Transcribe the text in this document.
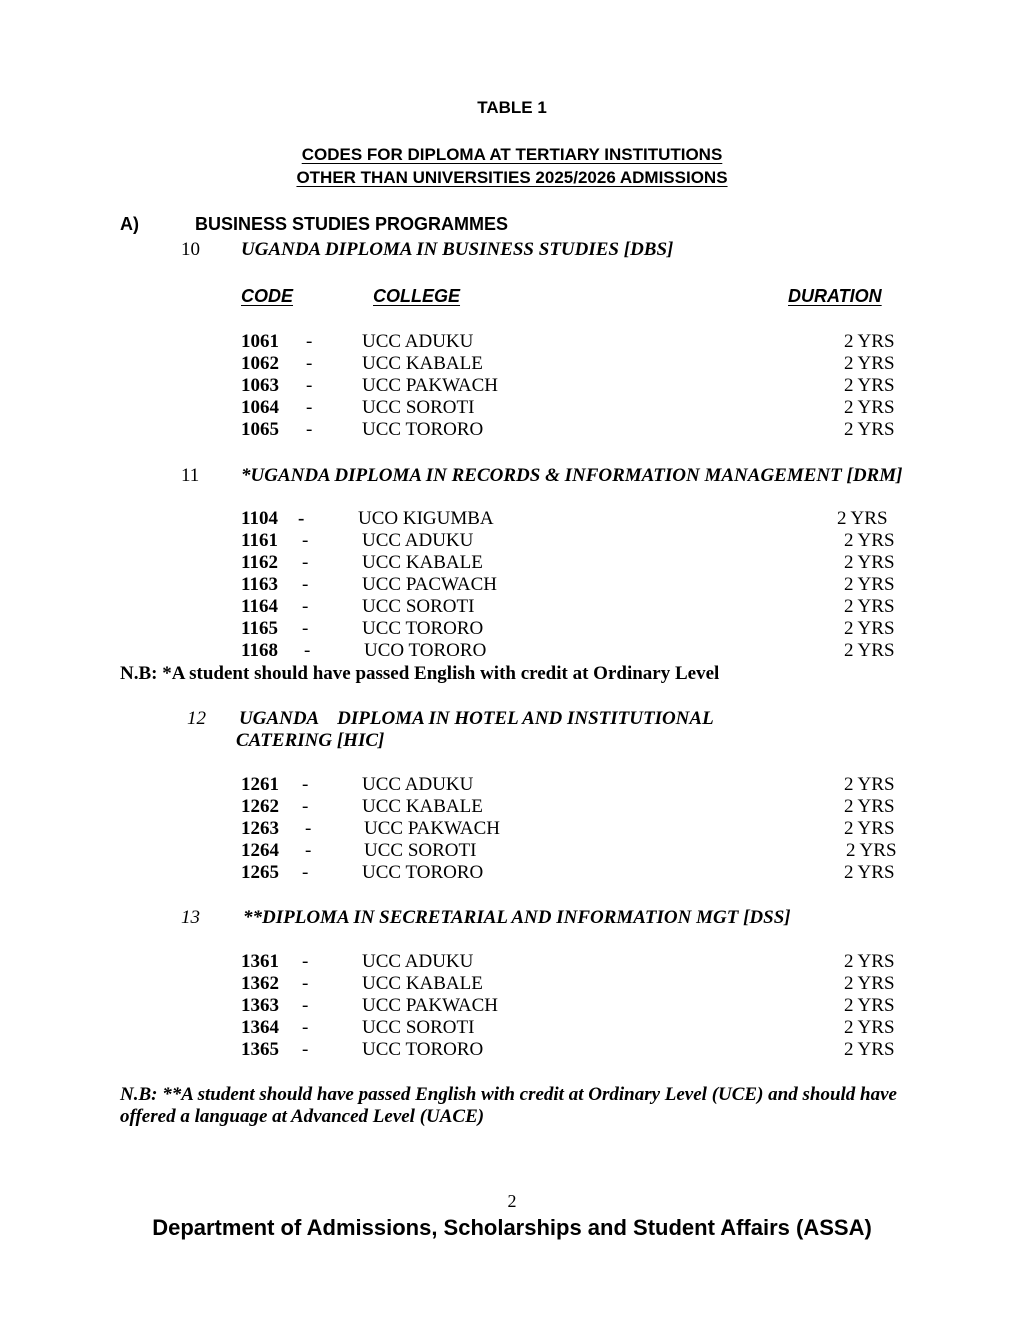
TABLE 1
CODES FOR DIPLOMA AT TERTIARY INSTITUTIONS
OTHER THAN UNIVERSITIES 2025/2026 ADMISSIONS
A)	BUSINESS STUDIES PROGRAMMES
10 UGANDA DIPLOMA IN BUSINESS STUDIES [DBS]
CODE	COLLEGE	DURATION
1061 -	UCC ADUKU	2 YRS
1062 -	UCC KABALE	2 YRS
1063 -	UCC PAKWACH	2 YRS
1064 -	UCC SOROTI	2 YRS
1065 -	UCC TORORO	2 YRS
11 *UGANDA DIPLOMA IN RECORDS & INFORMATION MANAGEMENT [DRM]
1104 -	UCO KIGUMBA	2 YRS
1161 -	UCC ADUKU	2 YRS
1162 -	UCC KABALE	2 YRS
1163 -	UCC PACWACH	2 YRS
1164 -	UCC SOROTI	2 YRS
1165 -	UCC TORORO	2 YRS
1168 -	UCO TORORO	2 YRS
N.B: *A student should have passed English with credit at Ordinary Level
12 UGANDA    DIPLOMA IN HOTEL AND INSTITUTIONAL
CATERING [HIC]
1261 -	UCC ADUKU	2 YRS
1262 -	UCC KABALE	2 YRS
1263 -	UCC PAKWACH	2 YRS
1264 -	UCC SOROTI	2 YRS
1265 -	UCC TORORO	2 YRS
13 **DIPLOMA IN SECRETARIAL AND INFORMATION MGT [DSS]
1361 -	UCC ADUKU	2 YRS
1362 -	UCC KABALE	2 YRS
1363 -	UCC PAKWACH	2 YRS
1364 -	UCC SOROTI	2 YRS
1365 -	UCC TORORO	2 YRS
N.B: **A student should have passed English with credit at Ordinary Level (UCE) and should have
offered a language at Advanced Level (UACE)
2
Department of Admissions, Scholarships and Student Affairs (ASSA)
